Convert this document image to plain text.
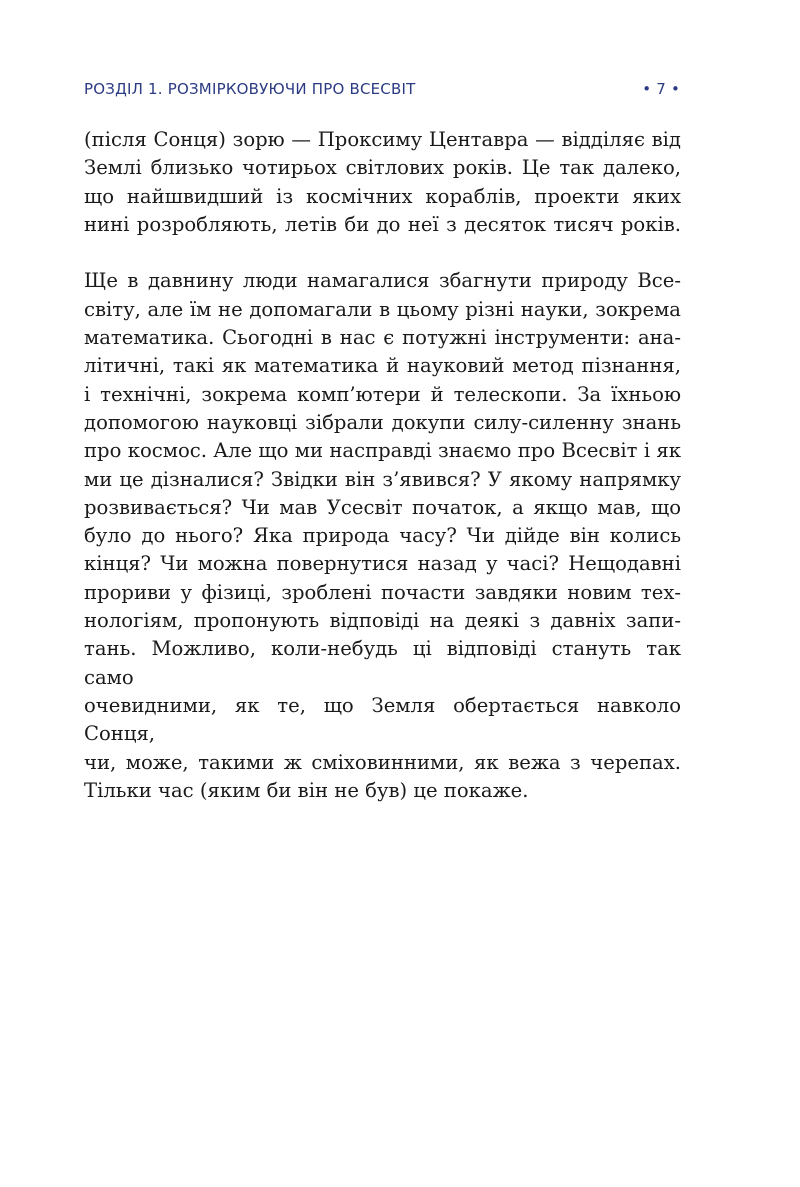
РОЗДІЛ 1. РОЗМІРКОВУЮЧИ ПРО ВСЕСВІТ	• 7 •

(після Сонця) зорю — Проксиму Центавра — відділяє від
Землі близько чотирьох світлових років. Це так далеко,
що найшвидший із космічних кораблів, проекти яких
нині розробляють, летів би до неї з десяток тисяч років.

Ще в давнину люди намагалися збагнути природу Все-
світу, але їм не допомагали в цьому різні науки, зокрема
математика. Сьогодні в нас є потужні інструменти: ана-
літичні, такі як математика й науковий метод пізнання,
і технічні, зокрема комп’ютери й телескопи. За їхньою
допомогою науковці зібрали докупи силу-силенну знань
про космос. Але що ми насправді знаємо про Всесвіт і як
ми це дізналися? Звідки він з’явився? У якому напрямку
розвивається? Чи мав Усесвіт початок, а якщо мав, що
було до нього? Яка природа часу? Чи дійде він колись
кінця? Чи можна повернутися назад у часі? Нещодавні
прориви у фізиці, зроблені почасти завдяки новим тех-
нологіям, пропонують відповіді на деякі з давніх запи-
тань. Можливо, коли-небудь ці відповіді стануть так само
очевидними, як те, що Земля обертається навколо Сонця,
чи, може, такими ж сміховинними, як вежа з черепах.
Тільки час (яким би він не був) це покаже.
